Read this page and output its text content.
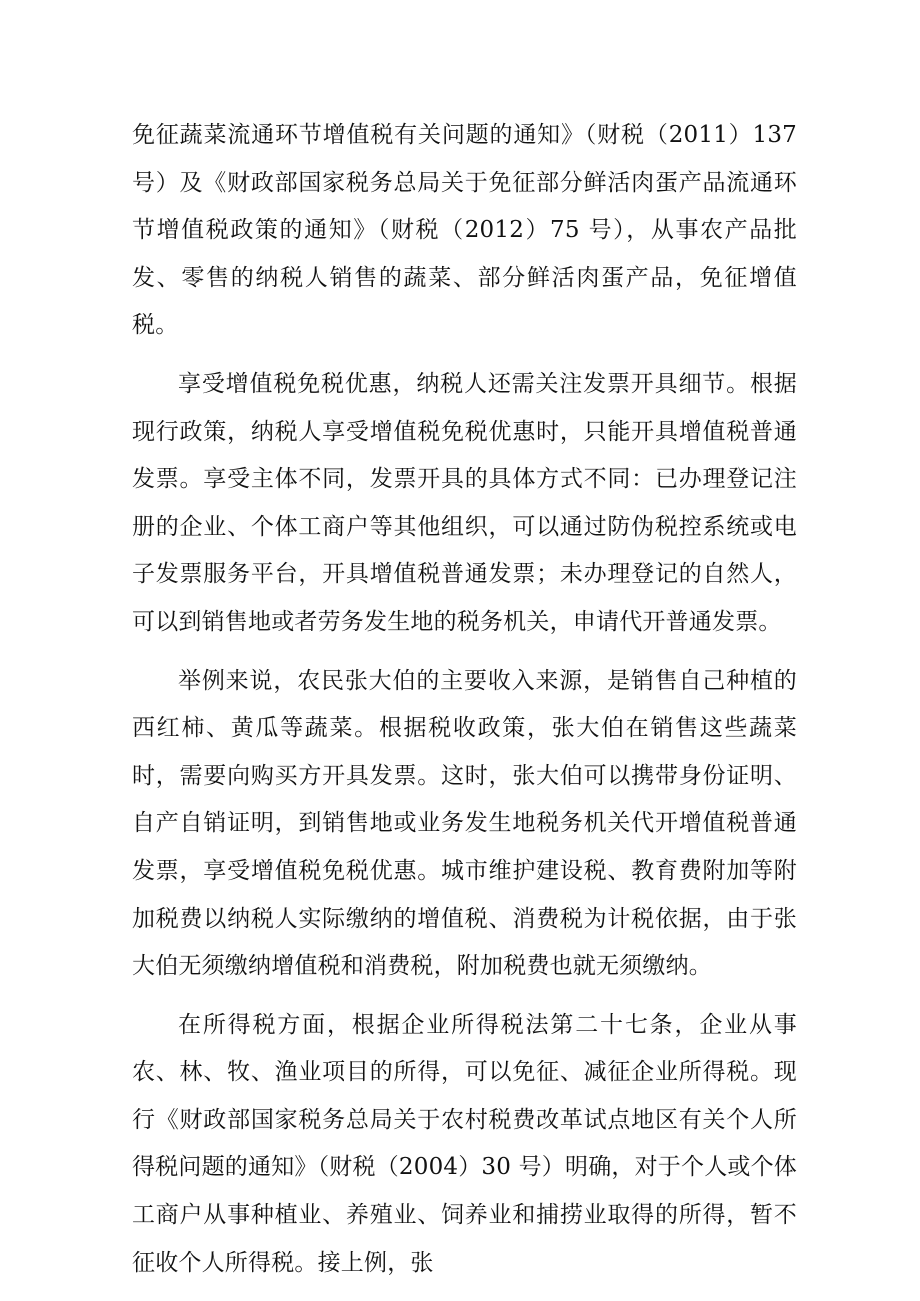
免征蔬菜流通环节增值税有关问题的通知》（财税（2011）137 号）及《财政部国家税务总局关于免征部分鲜活肉蛋产品流通环节增值税政策的通知》（财税（2012）75 号），从事农产品批发、零售的纳税人销售的蔬菜、部分鲜活肉蛋产品，免征增值税。

享受增值税免税优惠，纳税人还需关注发票开具细节。根据现行政策，纳税人享受增值税免税优惠时，只能开具增值税普通发票。享受主体不同，发票开具的具体方式不同：已办理登记注册的企业、个体工商户等其他组织，可以通过防伪税控系统或电子发票服务平台，开具增值税普通发票；未办理登记的自然人，可以到销售地或者劳务发生地的税务机关，申请代开普通发票。

举例来说，农民张大伯的主要收入来源，是销售自己种植的西红柿、黄瓜等蔬菜。根据税收政策，张大伯在销售这些蔬菜时，需要向购买方开具发票。这时，张大伯可以携带身份证明、自产自销证明，到销售地或业务发生地税务机关代开增值税普通发票，享受增值税免税优惠。城市维护建设税、教育费附加等附加税费以纳税人实际缴纳的增值税、消费税为计税依据，由于张大伯无须缴纳增值税和消费税，附加税费也就无须缴纳。

在所得税方面，根据企业所得税法第二十七条，企业从事农、林、牧、渔业项目的所得，可以免征、减征企业所得税。现行《财政部国家税务总局关于农村税费改革试点地区有关个人所得税问题的通知》（财税（2004）30 号）明确，对于个人或个体工商户从事种植业、养殖业、饲养业和捕捞业取得的所得，暂不征收个人所得税。接上例，张
